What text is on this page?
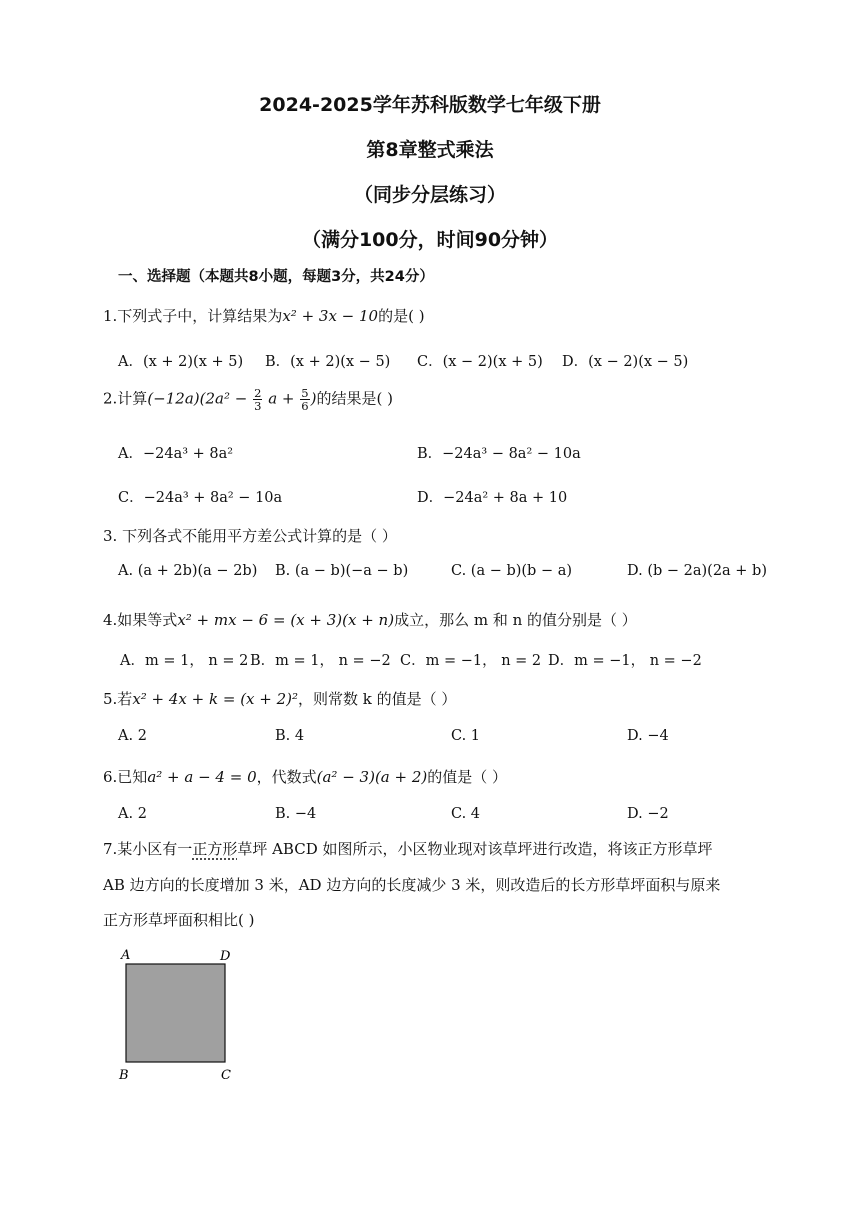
2024-2025学年苏科版数学七年级下册
第8章整式乘法
（同步分层练习）
（满分100分，时间90分钟）
一、选择题（本题共8小题，每题3分，共24分）
1.下列式子中，计算结果为x² + 3x − 10的是( )
A．(x + 2)(x + 5) B．(x + 2)(x − 5) C．(x − 2)(x + 5) D．(x − 2)(x − 5)
2.计算$(-12a)(2a^2 - \frac{2}{3}$ $a + \frac{5}{6}$ )的结果是( )
A．−24a³ + 8a²	B．−24a³ − 8a² − 10a
C．−24a³ + 8a² − 10a	D．−24a² + 8a + 10
3. 下列各式不能用平方差公式计算的是（ ）
A. (a + 2b)(a − 2b) B. (a − b)(−a − b)	C. (a − b)(b − a)	D. (b − 2a)(2a + b)
4.如果等式x² + mx − 6 = (x + 3)(x + n)成立，那么 m 和 n 的值分别是（ ）
A．m = 1， n = 2 B．m = 1， n = −2 C．m = −1， n = 2 D．m = −1， n = −2
5.若x² + 4x + k = (x + 2)²，则常数 k 的值是（ ）
A. 2	B. 4	C. 1	D. −4
6.已知a² + a − 4 = 0，代数式(a² − 3)(a + 2)的值是（ ）
A. 2	B. −4	C. 4	D. −2
7.某小区有一正方形草坪 ABCD 如图所示，小区物业现对该草坪进行改造，将该正方形草坪
AB 边方向的长度增加 3 米，AD 边方向的长度减少 3 米，则改造后的长方形草坪面积与原来
正方形草坪面积相比( )
A	D
B	C
